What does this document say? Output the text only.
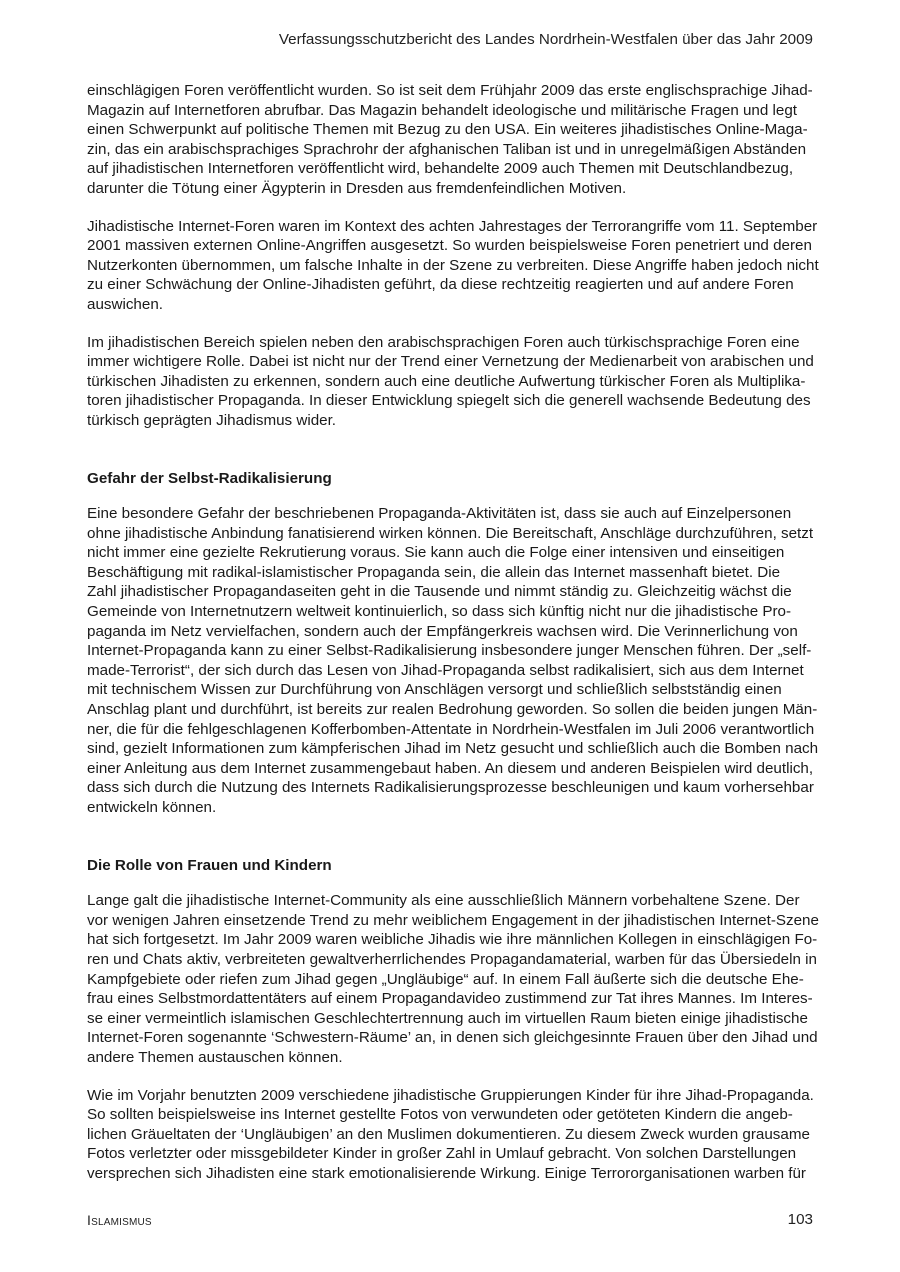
Verfassungsschutzbericht des Landes Nordrhein-Westfalen über das Jahr 2009
einschlägigen Foren veröffentlicht wurden. So ist seit dem Frühjahr 2009 das erste englischsprachige Jihad-
Magazin auf Internetforen abrufbar. Das Magazin behandelt ideologische und militärische Fragen und legt
einen Schwerpunkt auf politische Themen mit Bezug zu den USA. Ein weiteres jihadistisches Online-Maga-
zin, das ein arabischsprachiges Sprachrohr der afghanischen Taliban ist und in unregelmäßigen Abständen
auf jihadistischen Internetforen veröffentlicht wird, behandelte 2009 auch Themen mit Deutschlandbezug,
darunter die Tötung einer Ägypterin in Dresden aus fremdenfeindlichen Motiven.
Jihadistische Internet-Foren waren im Kontext des achten Jahrestages der Terrorangriffe vom 11. September
2001 massiven externen Online-Angriffen ausgesetzt. So wurden beispielsweise Foren penetriert und deren
Nutzerkonten übernommen, um falsche Inhalte in der Szene zu verbreiten. Diese Angriffe haben jedoch nicht
zu einer Schwächung der Online-Jihadisten geführt, da diese rechtzeitig reagierten und auf andere Foren
auswichen.
Im jihadistischen Bereich spielen neben den arabischsprachigen Foren auch türkischsprachige Foren eine
immer wichtigere Rolle. Dabei ist nicht nur der Trend einer Vernetzung der Medienarbeit von arabischen und
türkischen Jihadisten zu erkennen, sondern auch eine deutliche Aufwertung türkischer Foren als Multiplika-
toren jihadistischer Propaganda. In dieser Entwicklung spiegelt sich die generell wachsende Bedeutung des
türkisch geprägten Jihadismus wider.
Gefahr der Selbst-Radikalisierung
Eine besondere Gefahr der beschriebenen Propaganda-Aktivitäten ist, dass sie auch auf Einzelpersonen
ohne jihadistische Anbindung fanatisierend wirken können. Die Bereitschaft, Anschläge durchzuführen, setzt
nicht immer eine gezielte Rekrutierung voraus. Sie kann auch die Folge einer intensiven und einseitigen
Beschäftigung mit radikal-islamistischer Propaganda sein, die allein das Internet massenhaft bietet. Die
Zahl jihadistischer Propagandaseiten geht in die Tausende und nimmt ständig zu. Gleichzeitig wächst die
Gemeinde von Internetnutzern weltweit kontinuierlich, so dass sich künftig nicht nur die jihadistische Pro-
paganda im Netz vervielfachen, sondern auch der Empfängerkreis wachsen wird. Die Verinnerlichung von
Internet-Propaganda kann zu einer Selbst-Radikalisierung insbesondere junger Menschen führen. Der „self-
made-Terrorist“, der sich durch das Lesen von Jihad-Propaganda selbst radikalisiert, sich aus dem Internet
mit technischem Wissen zur Durchführung von Anschlägen versorgt und schließlich selbstständig einen
Anschlag plant und durchführt, ist bereits zur realen Bedrohung geworden. So sollen die beiden jungen Män-
ner, die für die fehlgeschlagenen Kofferbomben-Attentate in Nordrhein-Westfalen im Juli 2006 verantwortlich
sind, gezielt Informationen zum kämpferischen Jihad im Netz gesucht und schließlich auch die Bomben nach
einer Anleitung aus dem Internet zusammengebaut haben. An diesem und anderen Beispielen wird deutlich,
dass sich durch die Nutzung des Internets Radikalisierungsprozesse beschleunigen und kaum vorhersehbar
entwickeln können.
Die Rolle von Frauen und Kindern
Lange galt die jihadistische Internet-Community als eine ausschließlich Männern vorbehaltene Szene. Der
vor wenigen Jahren einsetzende Trend zu mehr weiblichem Engagement in der jihadistischen Internet-Szene
hat sich fortgesetzt. Im Jahr 2009 waren weibliche Jihadis wie ihre männlichen Kollegen in einschlägigen Fo-
ren und Chats aktiv, verbreiteten gewaltverherrlichendes Propagandamaterial, warben für das Übersiedeln in
Kampfgebiete oder riefen zum Jihad gegen „Ungläubige“ auf. In einem Fall äußerte sich die deutsche Ehe-
frau eines Selbstmordattentäters auf einem Propagandavideo zustimmend zur Tat ihres Mannes. Im Interes-
se einer vermeintlich islamischen Geschlechtertrennung auch im virtuellen Raum bieten einige jihadistische
Internet-Foren sogenannte ‘Schwestern-Räume’ an, in denen sich gleichgesinnte Frauen über den Jihad und
andere Themen austauschen können.
Wie im Vorjahr benutzten 2009 verschiedene jihadistische Gruppierungen Kinder für ihre Jihad-Propaganda.
So sollten beispielsweise ins Internet gestellte Fotos von verwundeten oder getöteten Kindern die angeb-
lichen Gräueltaten der ‘Ungläubigen’ an den Muslimen dokumentieren. Zu diesem Zweck wurden grausame
Fotos verletzter oder missgebildeter Kinder in großer Zahl in Umlauf gebracht. Von solchen Darstellungen
versprechen sich Jihadisten eine stark emotionalisierende Wirkung. Einige Terrororganisationen warben für
Islamismus	103
